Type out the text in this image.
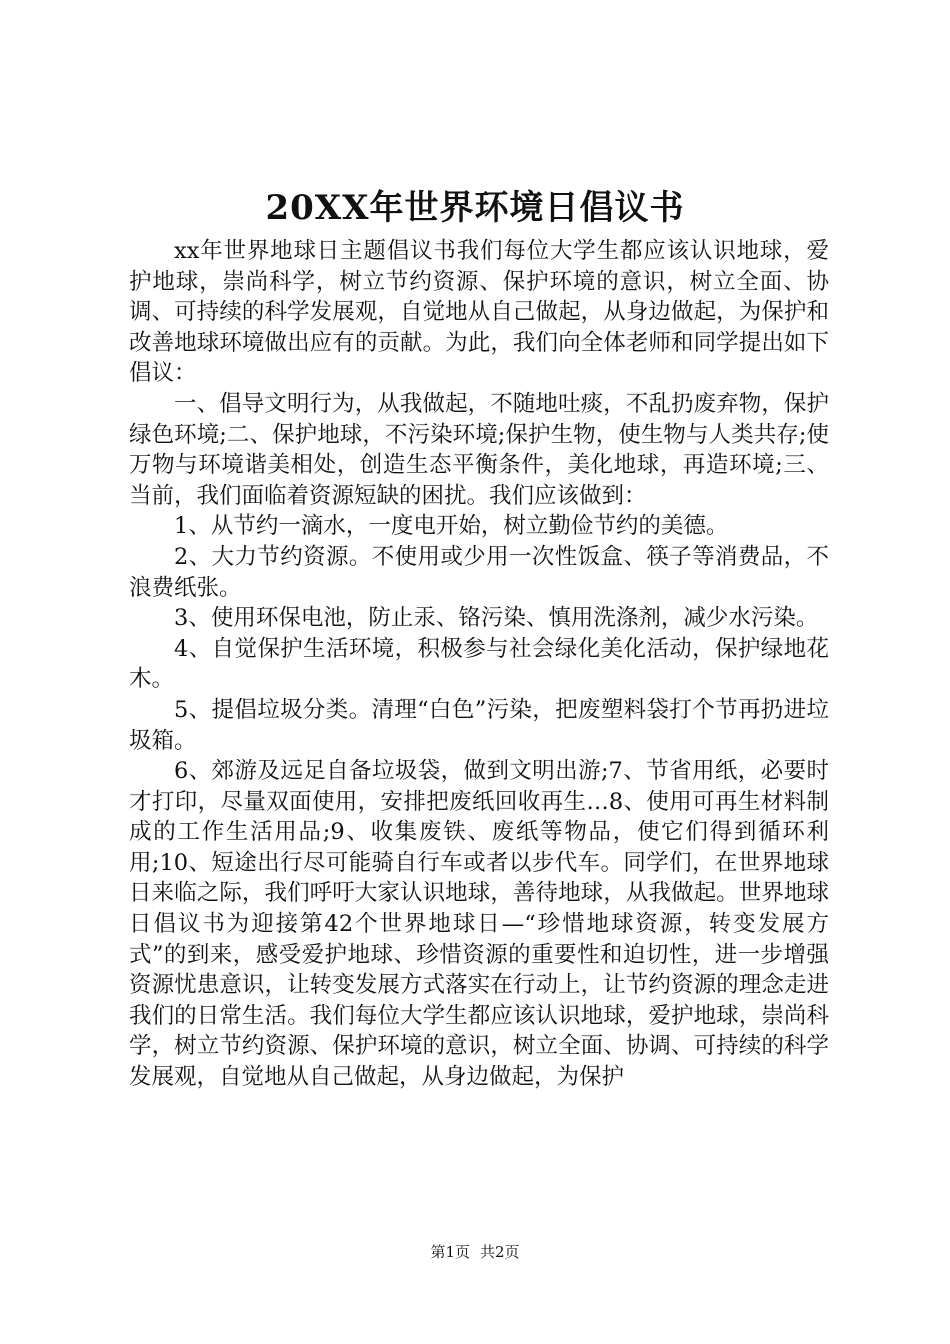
20XX年世界环境日倡议书

xx年世界地球日主题倡议书我们每位大学生都应该认识地球，爱护地球，崇尚科学，树立节约资源、保护环境的意识，树立全面、协调、可持续的科学发展观，自觉地从自己做起，从身边做起，为保护和改善地球环境做出应有的贡献。为此，我们向全体老师和同学提出如下倡议：

一、倡导文明行为，从我做起，不随地吐痰，不乱扔废弃物，保护绿色环境;二、保护地球，不污染环境;保护生物，使生物与人类共存;使万物与环境谐美相处，创造生态平衡条件，美化地球，再造环境;三、当前，我们面临着资源短缺的困扰。我们应该做到：

1、从节约一滴水，一度电开始，树立勤俭节约的美德。

2、大力节约资源。不使用或少用一次性饭盒、筷子等消费品，不浪费纸张。

3、使用环保电池，防止汞、铬污染、慎用洗涤剂，减少水污染。

4、自觉保护生活环境，积极参与社会绿化美化活动，保护绿地花木。

5、提倡垃圾分类。清理“白色”污染，把废塑料袋打个节再扔进垃圾箱。

6、郊游及远足自备垃圾袋，做到文明出游;7、节省用纸，必要时才打印，尽量双面使用，安排把废纸回收再生…8、使用可再生材料制成的工作生活用品;9、收集废铁、废纸等物品，使它们得到循环利用;10、短途出行尽可能骑自行车或者以步代车。同学们，在世界地球日来临之际，我们呼吁大家认识地球，善待地球，从我做起。世界地球日倡议书为迎接第42个世界地球日—“珍惜地球资源，转变发展方式”的到来，感受爱护地球、珍惜资源的重要性和迫切性，进一步增强资源忧患意识，让转变发展方式落实在行动上，让节约资源的理念走进我们的日常生活。我们每位大学生都应该认识地球，爱护地球，崇尚科学，树立节约资源、保护环境的意识，树立全面、协调、可持续的科学发展观，自觉地从自己做起，从身边做起，为保护

第1页 共2页
